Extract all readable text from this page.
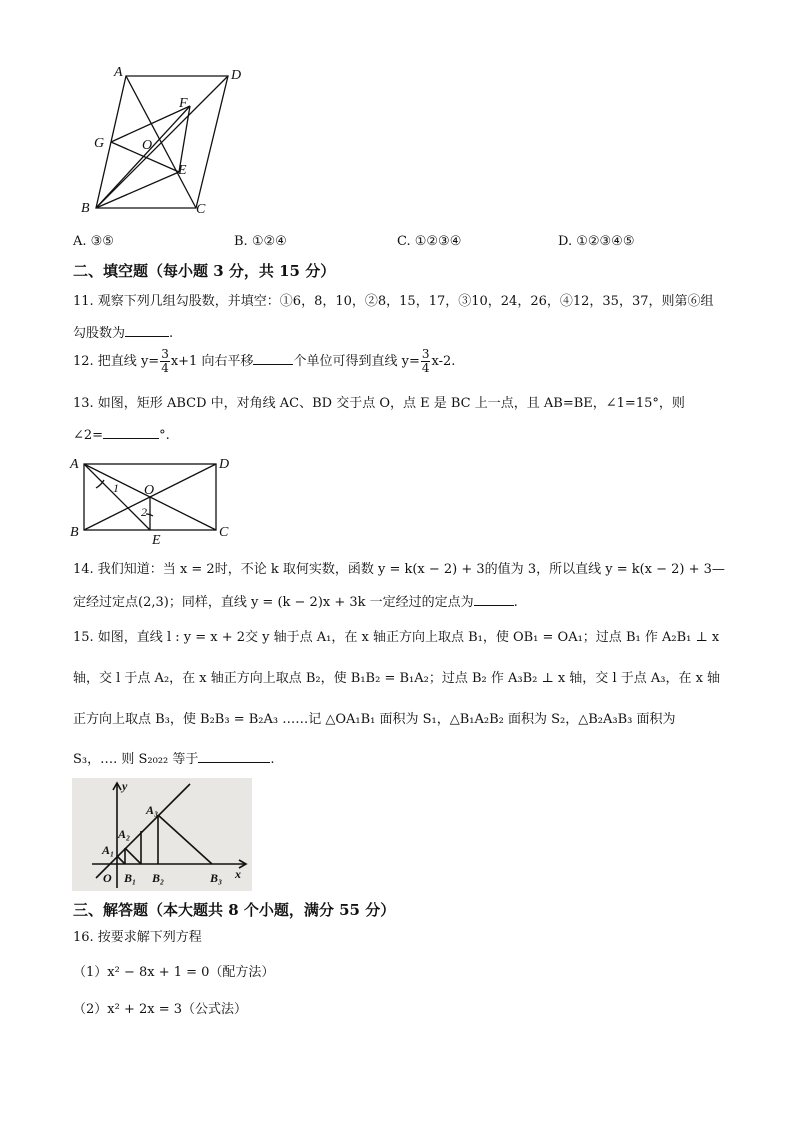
A	D
F
G	O
E
B	C
A. ③⑤	B. ①②④	C. ①②③④	D. ①②③④⑤
二、填空题（每小题 3 分，共 15 分）
11. 观察下列几组勾股数，并填空：①6，8，10，②8，15，17，③10，24，26，④12，35，37，则第⑥组
勾股数为	.
12. 把直线 $y= \frac{3}{4} x+1$ 向右平移	个单位可得到直线 $y= \frac{3}{4} x-2$.
13. 如图，矩形 ABCD 中，对角线 AC、BD 交于点 O，点 E 是 BC 上一点，且 AB=BE，∠1=15°，则
∠2=	°.
A	D
B	C
O
E
1
2
14. 我们知道：当 x = 2时，不论 k 取何实数，函数 y = k(x − 2) + 3的值为 3，所以直线 y = k(x − 2) + 3—
定经过定点(2,3)；同样，直线 y = (k − 2)x + 3k 一定经过的定点为	.
15. 如图，直线 l : y = x + 2交 y 轴于点 A₁，在 x 轴正方向上取点 B₁，使 OB₁ = OA₁；过点 B₁ 作 A₂B₁ ⊥ x
轴，交 l 于点 A₂，在 x 轴正方向上取点 B₂，使 B₁B₂ = B₁A₂；过点 B₂ 作 A₃B₂ ⊥ x 轴，交 l 于点 A₃，在 x 轴
正方向上取点 B₃，使 B₂B₃ = B₂A₃ ……记 △OA₁B₁ 面积为 S₁，△B₁A₂B₂ 面积为 S₂，△B₂A₃B₃ 面积为
S₃，…. 则 S₂₀₂₂ 等于	.
y
x
O
A₁
A₂
A₃
B₁ B₂	B₃
三、解答题（本大题共 8 个小题，满分 55 分）
16. 按要求解下列方程
（1）x² − 8x + 1 = 0（配方法）
（2）x² + 2x = 3（公式法）
